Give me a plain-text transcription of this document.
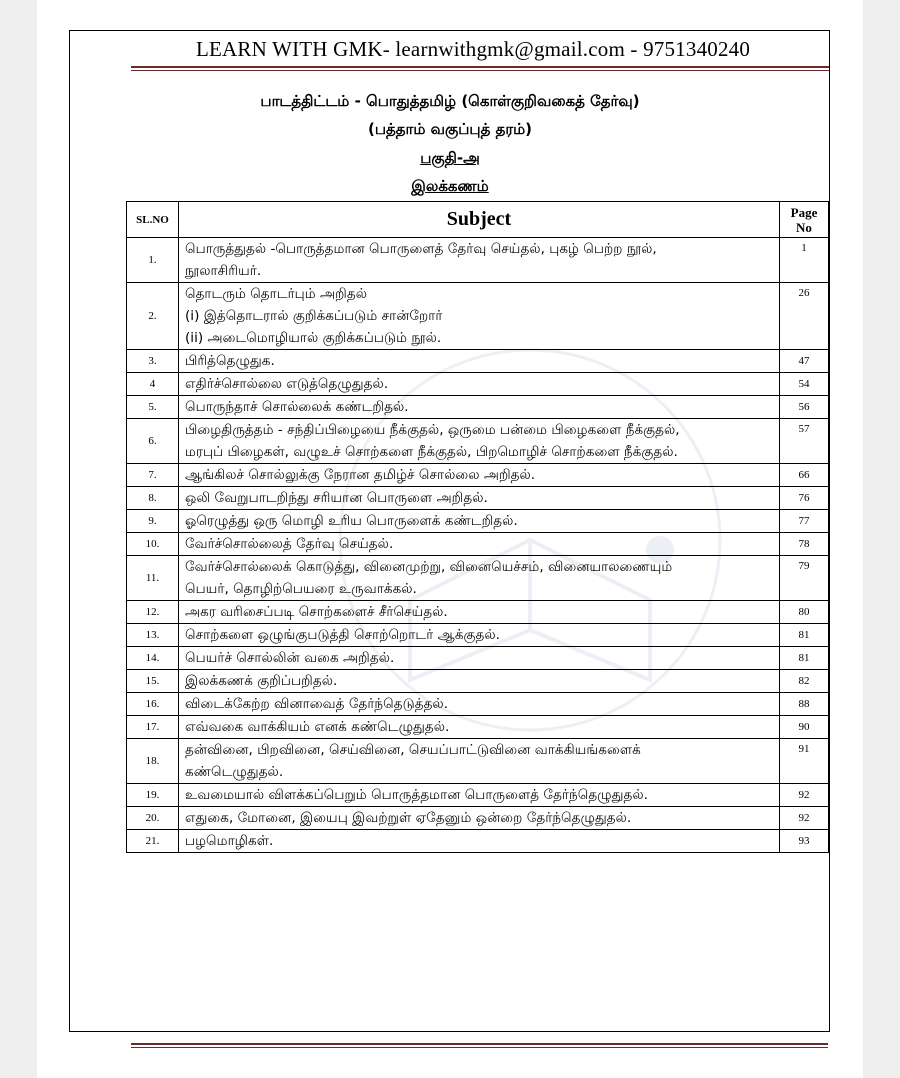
LEARN WITH GMK- learnwithgmk@gmail.com - 9751340240
பாடத்திட்டம் - பொதுத்தமிழ் (கொள்குறிவகைத் தேர்வு)
(பத்தாம் வகுப்புத் தரம்)
பகுதி-அ
இலக்கணம்
SL.NO	Subject	Page
No
1.	பொருத்துதல் -பொருத்தமான பொருளைத் தேர்வு செய்தல், புகழ் பெற்ற நூல்,
நூலாசிரியர்.	1
2.	தொடரும் தொடர்பும் அறிதல்
(i) இத்தொடரால் குறிக்கப்படும் சான்றோர்
(ii) அடைமொழியால் குறிக்கப்படும் நூல்.	26
3.	பிரித்தெழுதுக.	47
4	எதிர்ச்சொல்லை எடுத்தெழுதுதல்.	54
5.	பொருந்தாச் சொல்லைக் கண்டறிதல்.	56
6.	பிழைதிருத்தம் - சந்திப்பிழையை நீக்குதல், ஒருமை பன்மை பிழைகளை நீக்குதல்,
மரபுப் பிழைகள், வழுஉச் சொற்களை நீக்குதல், பிறமொழிச் சொற்களை நீக்குதல்.	57
7.	ஆங்கிலச் சொல்லுக்கு நேரான தமிழ்ச் சொல்லை அறிதல்.	66
8.	ஒலி வேறுபாடறிந்து சரியான பொருளை அறிதல்.	76
9.	ஓரெழுத்து ஒரு மொழி உரிய பொருளைக் கண்டறிதல்.	77
10.	வேர்ச்சொல்லைத் தேர்வு செய்தல்.	78
11.	வேர்ச்சொல்லைக் கொடுத்து, வினைமுற்று, வினையெச்சம், வினையாலணையும்
பெயர், தொழிற்பெயரை உருவாக்கல்.	79
12.	அகர வரிசைப்படி சொற்களைச் சீர்செய்தல்.	80
13.	சொற்களை ஒழுங்குபடுத்தி சொற்றொடர் ஆக்குதல்.	81
14.	பெயர்ச் சொல்லின் வகை அறிதல்.	81
15.	இலக்கணக் குறிப்பறிதல்.	82
16.	விடைக்கேற்ற வினாவைத் தேர்ந்தெடுத்தல்.	88
17.	எவ்வகை வாக்கியம் எனக் கண்டெழுதுதல்.	90
18.	தன்வினை, பிறவினை, செய்வினை, செயப்பாட்டுவினை வாக்கியங்களைக்
கண்டெழுதுதல்.	91
19.	உவமையால் விளக்கப்பெறும் பொருத்தமான பொருளைத் தேர்ந்தெழுதுதல்.	92
20.	எதுகை, மோனை, இயைபு இவற்றுள் ஏதேனும் ஒன்றை தேர்ந்தெழுதுதல்.	92
21.	பழமொழிகள்.	93
